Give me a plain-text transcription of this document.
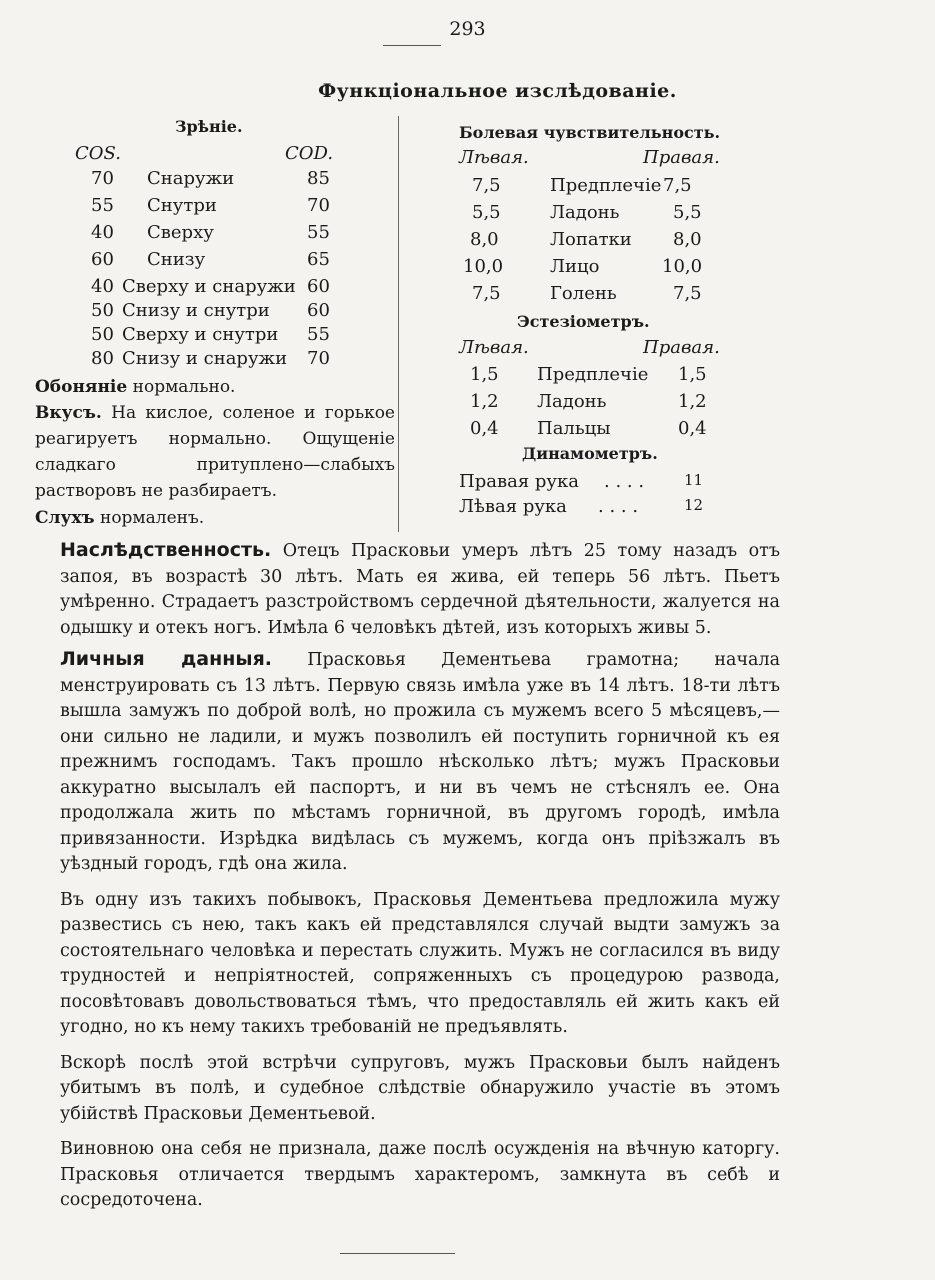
293
Функціональное изслѣдованіе.
Зрѣніе.
COS.	COD.
70 Снаружи	85
55 Снутри	70
40 Сверху	55
60 Снизу	65
40 Сверху и снаружи 60
50 Снизу и снутри 60
50 Сверху и снутри 55
80 Снизу и снаружи 70
Обоняніе нормально.
Вкусъ. На кислое, соленое и горькое реагируетъ нормально. Ощущеніе сладкаго притуплено—слабыхъ растворовъ не разбираетъ.
Слухъ нормаленъ.
Болевая чувствительность.
Лѣвая.	Правая.
7,5	Предплечіе 7,5
5,5	Ладонь	5,5
8,0	Лопатки 8,0
10,0	Лицо	10,0
7,5	Голень	7,5
Эстезіометръ.
Лѣвая.	Правая.
1,5 Предплечіе 1,5
1,2 Ладонь	1,2
0,4 Пальцы	0,4
Динамометръ.
Правая рука . . . .	11
Лѣвая рука . . . .	12

Наслѣдственность. Отецъ Прасковьи умеръ лѣтъ 25 тому назадъ отъ запоя, въ возрастѣ 30 лѣтъ. Мать ея жива, ей теперь 56 лѣтъ. Пьетъ умѣренно. Страдаетъ разстройствомъ сердечной дѣятельности, жалуется на одышку и отекъ ногъ. Имѣла 6 человѣкъ дѣтей, изъ которыхъ живы 5.

Личныя данныя. Прасковья Дементьева грамотна; начала менструировать съ 13 лѣтъ. Первую связь имѣла уже въ 14 лѣтъ. 18-ти лѣтъ вышла замужъ по доброй волѣ, но прожила съ мужемъ всего 5 мѣсяцевъ,—они сильно не ладили, и мужъ позволилъ ей поступить горничной къ ея прежнимъ господамъ. Такъ прошло нѣсколько лѣтъ; мужъ Прасковьи аккуратно высылалъ ей паспортъ, и ни въ чемъ не стѣснялъ ее. Она продолжала жить по мѣстамъ горничной, въ другомъ городѣ, имѣла привязанности. Изрѣдка видѣлась съ мужемъ, когда онъ пріѣзжалъ въ уѣздный городъ, гдѣ она жила.

Въ одну изъ такихъ побывокъ, Прасковья Дементьева предложила мужу развестись съ нею, такъ какъ ей представлялся случай выдти замужъ за состоятельнаго человѣка и перестать служить. Мужъ не согласился въ виду трудностей и непріятностей, сопряженныхъ съ процедурою развода, посовѣтовавъ довольствоваться тѣмъ, что предоставляль ей жить какъ ей угодно, но къ нему такихъ требованій не предъявлять.

Вскорѣ послѣ этой встрѣчи супруговъ, мужъ Прасковьи былъ найденъ убитымъ въ полѣ, и судебное слѣдствіе обнаружило участіе въ этомъ убійствѣ Прасковьи Дементьевой.

Виновною она себя не признала, даже послѣ осужденія на вѣчную каторгу. Прасковья отличается твердымъ характеромъ, замкнута въ себѣ и сосредоточена.
